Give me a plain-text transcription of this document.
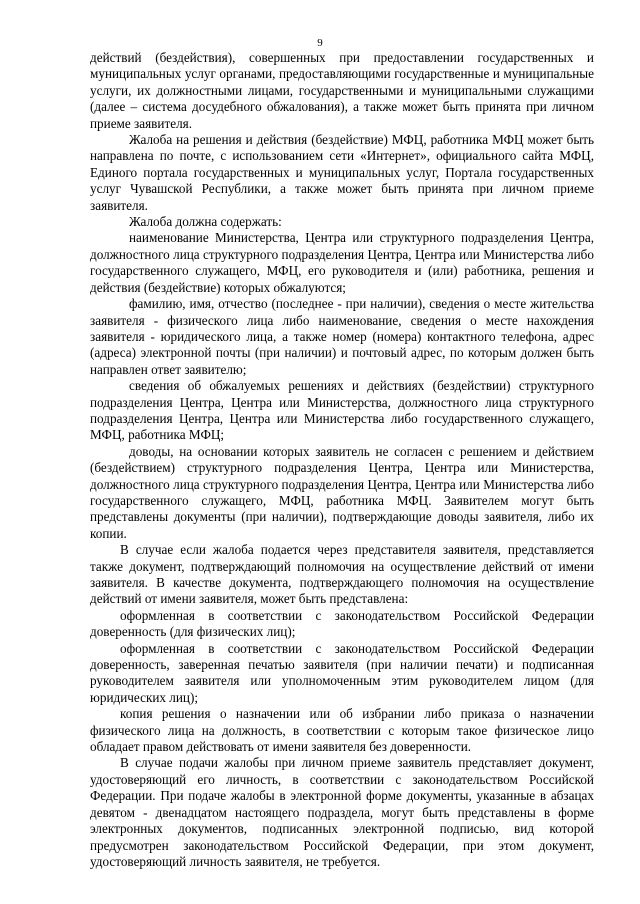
9

действий (бездействия), совершенных при предоставлении государственных и муниципальных услуг органами, предоставляющими государственные и муниципальные услуги, их должностными лицами, государственными и муниципальными служащими (далее – система досудебного обжалования), а также может быть принята при личном приеме заявителя.

Жалоба на решения и действия (бездействие) МФЦ, работника МФЦ может быть направлена по почте, с использованием сети «Интернет», официального сайта МФЦ, Единого портала государственных и муниципальных услуг, Портала государственных услуг Чувашской Республики, а также может быть принята при личном приеме заявителя.

Жалоба должна содержать:

наименование Министерства, Центра или структурного подразделения Центра, должностного лица структурного подразделения Центра, Центра или Министерства либо государственного служащего, МФЦ, его руководителя и (или) работника, решения и действия (бездействие) которых обжалуются;

фамилию, имя, отчество (последнее - при наличии), сведения о месте жительства заявителя - физического лица либо наименование, сведения о месте нахождения заявителя - юридического лица, а также номер (номера) контактного телефона, адрес (адреса) электронной почты (при наличии) и почтовый адрес, по которым должен быть направлен ответ заявителю;

сведения об обжалуемых решениях и действиях (бездействии) структурного подразделения Центра, Центра или Министерства, должностного лица структурного подразделения Центра, Центра или Министерства либо государственного служащего, МФЦ, работника МФЦ;

доводы, на основании которых заявитель не согласен с решением и действием (бездействием) структурного подразделения Центра, Центра или Министерства, должностного лица структурного подразделения Центра, Центра или Министерства либо государственного служащего, МФЦ, работника МФЦ. Заявителем могут быть представлены документы (при наличии), подтверждающие доводы заявителя, либо их копии.

В случае если жалоба подается через представителя заявителя, представляется также документ, подтверждающий полномочия на осуществление действий от имени заявителя. В качестве документа, подтверждающего полномочия на осуществление действий от имени заявителя, может быть представлена:

оформленная в соответствии с законодательством Российской Федерации доверенность (для физических лиц);

оформленная в соответствии с законодательством Российской Федерации доверенность, заверенная печатью заявителя (при наличии печати) и подписанная руководителем заявителя или уполномоченным этим руководителем лицом (для юридических лиц);

копия решения о назначении или об избрании либо приказа о назначении физического лица на должность, в соответствии с которым такое физическое лицо обладает правом действовать от имени заявителя без доверенности.

В случае подачи жалобы при личном приеме заявитель представляет документ, удостоверяющий его личность, в соответствии с законодательством Российской Федерации. При подаче жалобы в электронной форме документы, указанные в абзацах девятом - двенадцатом настоящего подраздела, могут быть представлены в форме электронных документов, подписанных электронной подписью, вид которой предусмотрен законодательством Российской Федерации, при этом документ, удостоверяющий личность заявителя, не требуется.
